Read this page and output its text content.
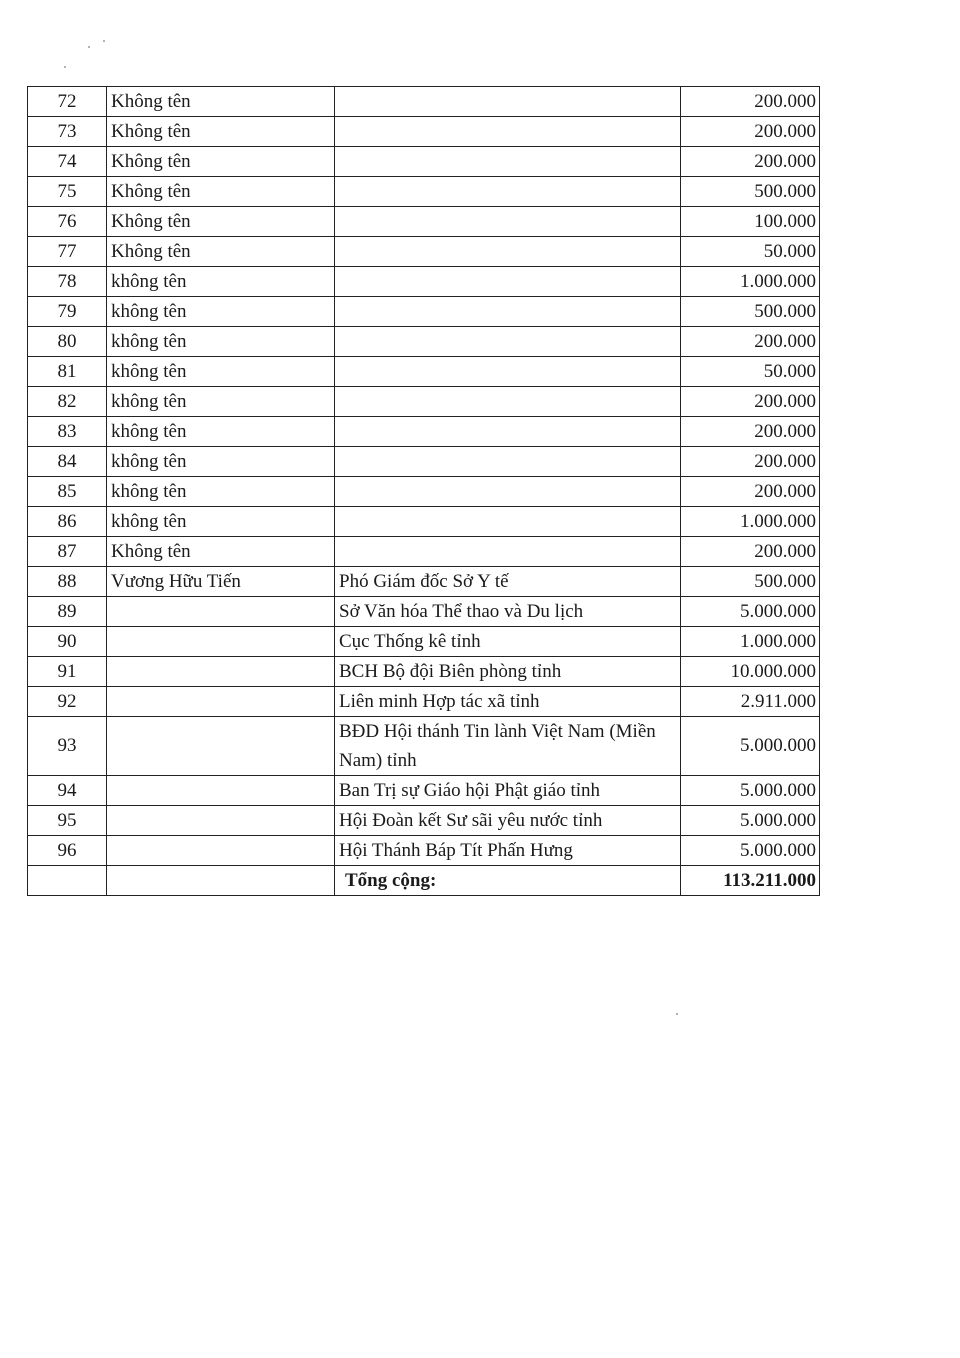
72	Không tên		200.000
73	Không tên		200.000
74	Không tên		200.000
75	Không tên		500.000
76	Không tên		100.000
77	Không tên		50.000
78	không tên		1.000.000
79	không tên		500.000
80	không tên		200.000
81	không tên		50.000
82	không tên		200.000
83	không tên		200.000
84	không tên		200.000
85	không tên		200.000
86	không tên		1.000.000
87	Không tên		200.000
88	Vương Hữu Tiến	Phó Giám đốc Sở Y tế	500.000
89		Sở Văn hóa Thể thao và Du lịch	5.000.000
90		Cục Thống kê tỉnh	1.000.000
91		BCH Bộ đội Biên phòng tỉnh	10.000.000
92		Liên minh Hợp tác xã tỉnh	2.911.000
93		BĐD Hội thánh Tin lành Việt Nam (Miền Nam) tỉnh	5.000.000
94		Ban Trị sự Giáo hội Phật giáo tỉnh	5.000.000
95		Hội Đoàn kết Sư sãi yêu nước tỉnh	5.000.000
96		Hội Thánh Báp Tít Phấn Hưng	5.000.000
		Tổng cộng:	113.211.000
